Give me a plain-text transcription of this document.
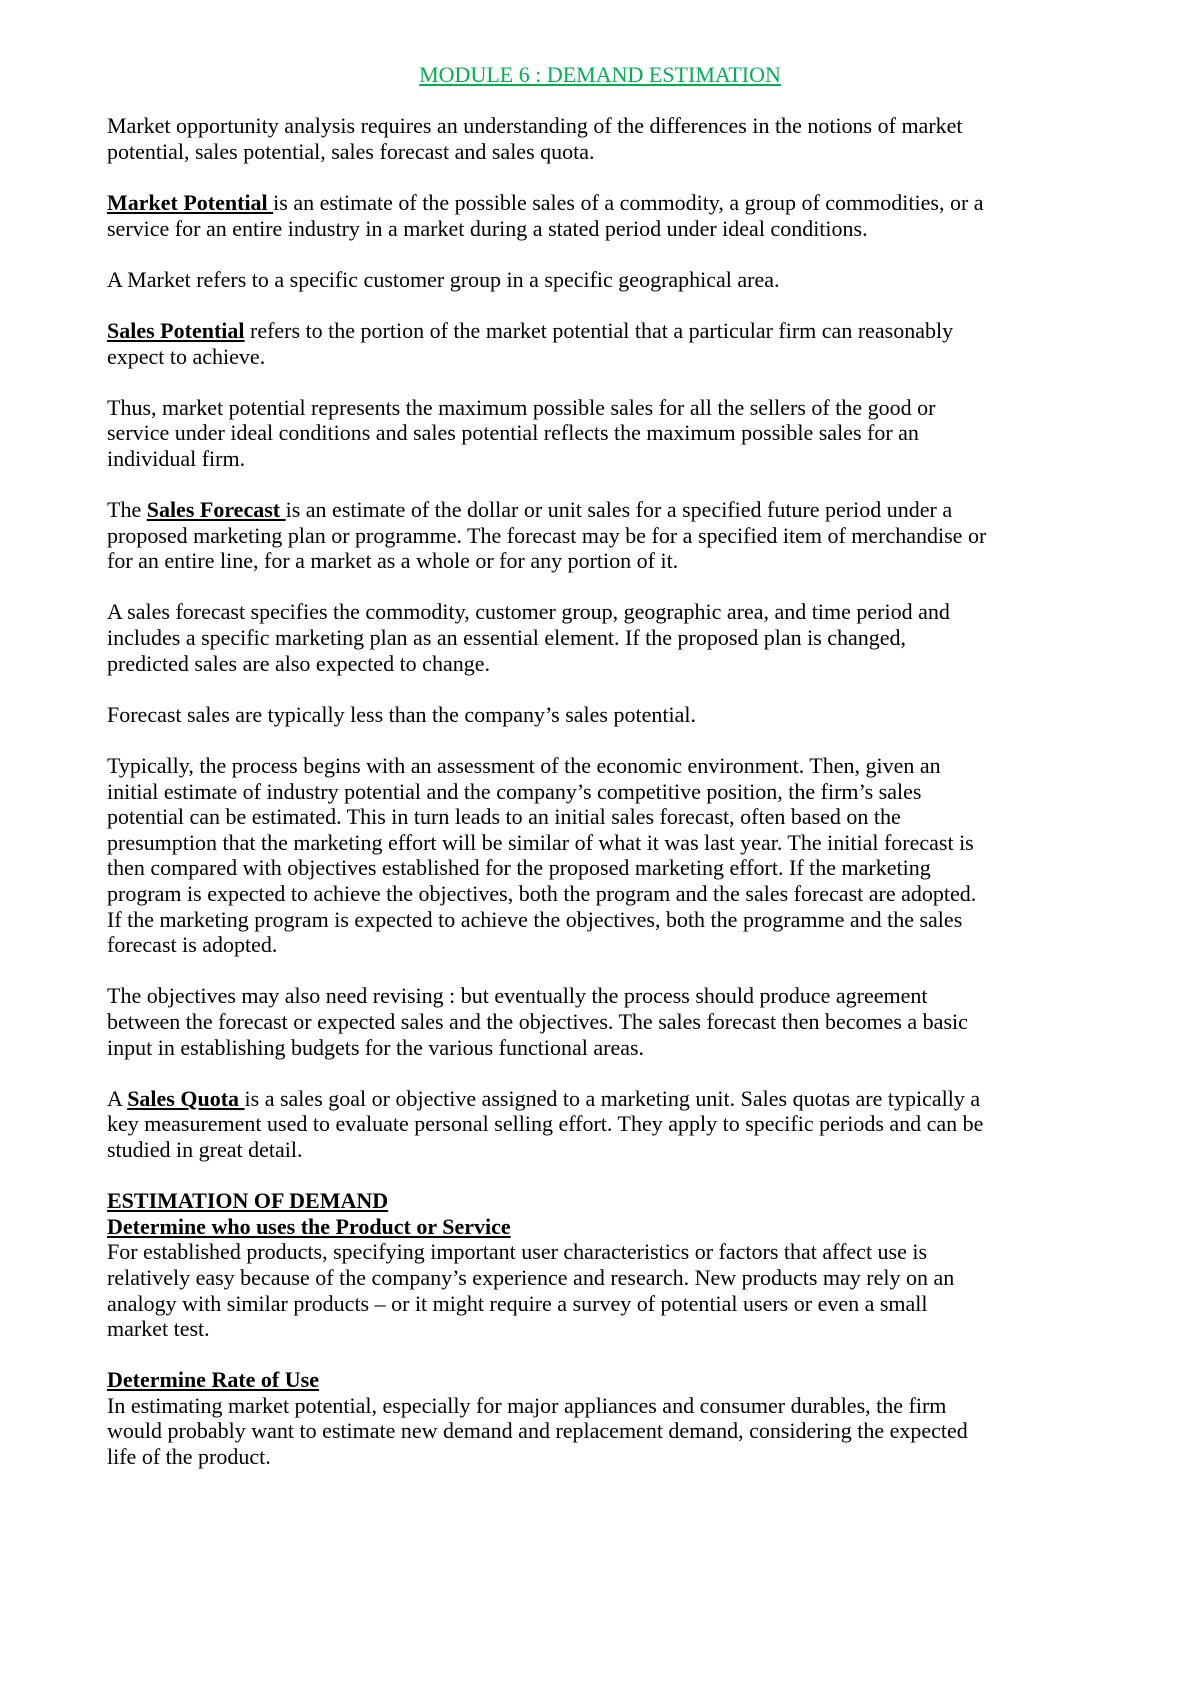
MODULE 6 : DEMAND ESTIMATION
Market opportunity analysis requires an understanding of the differences in the notions of market
potential, sales potential, sales forecast and sales quota.
Market Potential is an estimate of the possible sales of a commodity, a group of commodities, or a
service for an entire industry in a market during a stated period under ideal conditions.
A Market refers to a specific customer group in a specific geographical area.
Sales Potential refers to the portion of the market potential that a particular firm can reasonably
expect to achieve.
Thus, market potential represents the maximum possible sales for all the sellers of the good or
service under ideal conditions and sales potential reflects the maximum possible sales for an
individual firm.
The Sales Forecast is an estimate of the dollar or unit sales for a specified future period under a
proposed marketing plan or programme. The forecast may be for a specified item of merchandise or
for an entire line, for a market as a whole or for any portion of it.
A sales forecast specifies the commodity, customer group, geographic area, and time period and
includes a specific marketing plan as an essential element. If the proposed plan is changed,
predicted sales are also expected to change.
Forecast sales are typically less than the company’s sales potential.
Typically, the process begins with an assessment of the economic environment. Then, given an
initial estimate of industry potential and the company’s competitive position, the firm’s sales
potential can be estimated. This in turn leads to an initial sales forecast, often based on the
presumption that the marketing effort will be similar of what it was last year. The initial forecast is
then compared with objectives established for the proposed marketing effort. If the marketing
program is expected to achieve the objectives, both the program and the sales forecast are adopted.
If the marketing program is expected to achieve the objectives, both the programme and the sales
forecast is adopted.
The objectives may also need revising : but eventually the process should produce agreement
between the forecast or expected sales and the objectives. The sales forecast then becomes a basic
input in establishing budgets for the various functional areas.
A Sales Quota is a sales goal or objective assigned to a marketing unit. Sales quotas are typically a
key measurement used to evaluate personal selling effort. They apply to specific periods and can be
studied in great detail.
ESTIMATION OF DEMAND
Determine who uses the Product or Service
For established products, specifying important user characteristics or factors that affect use is
relatively easy because of the company’s experience and research. New products may rely on an
analogy with similar products – or it might require a survey of potential users or even a small
market test.
Determine Rate of Use
In estimating market potential, especially for major appliances and consumer durables, the firm
would probably want to estimate new demand and replacement demand, considering the expected
life of the product.
